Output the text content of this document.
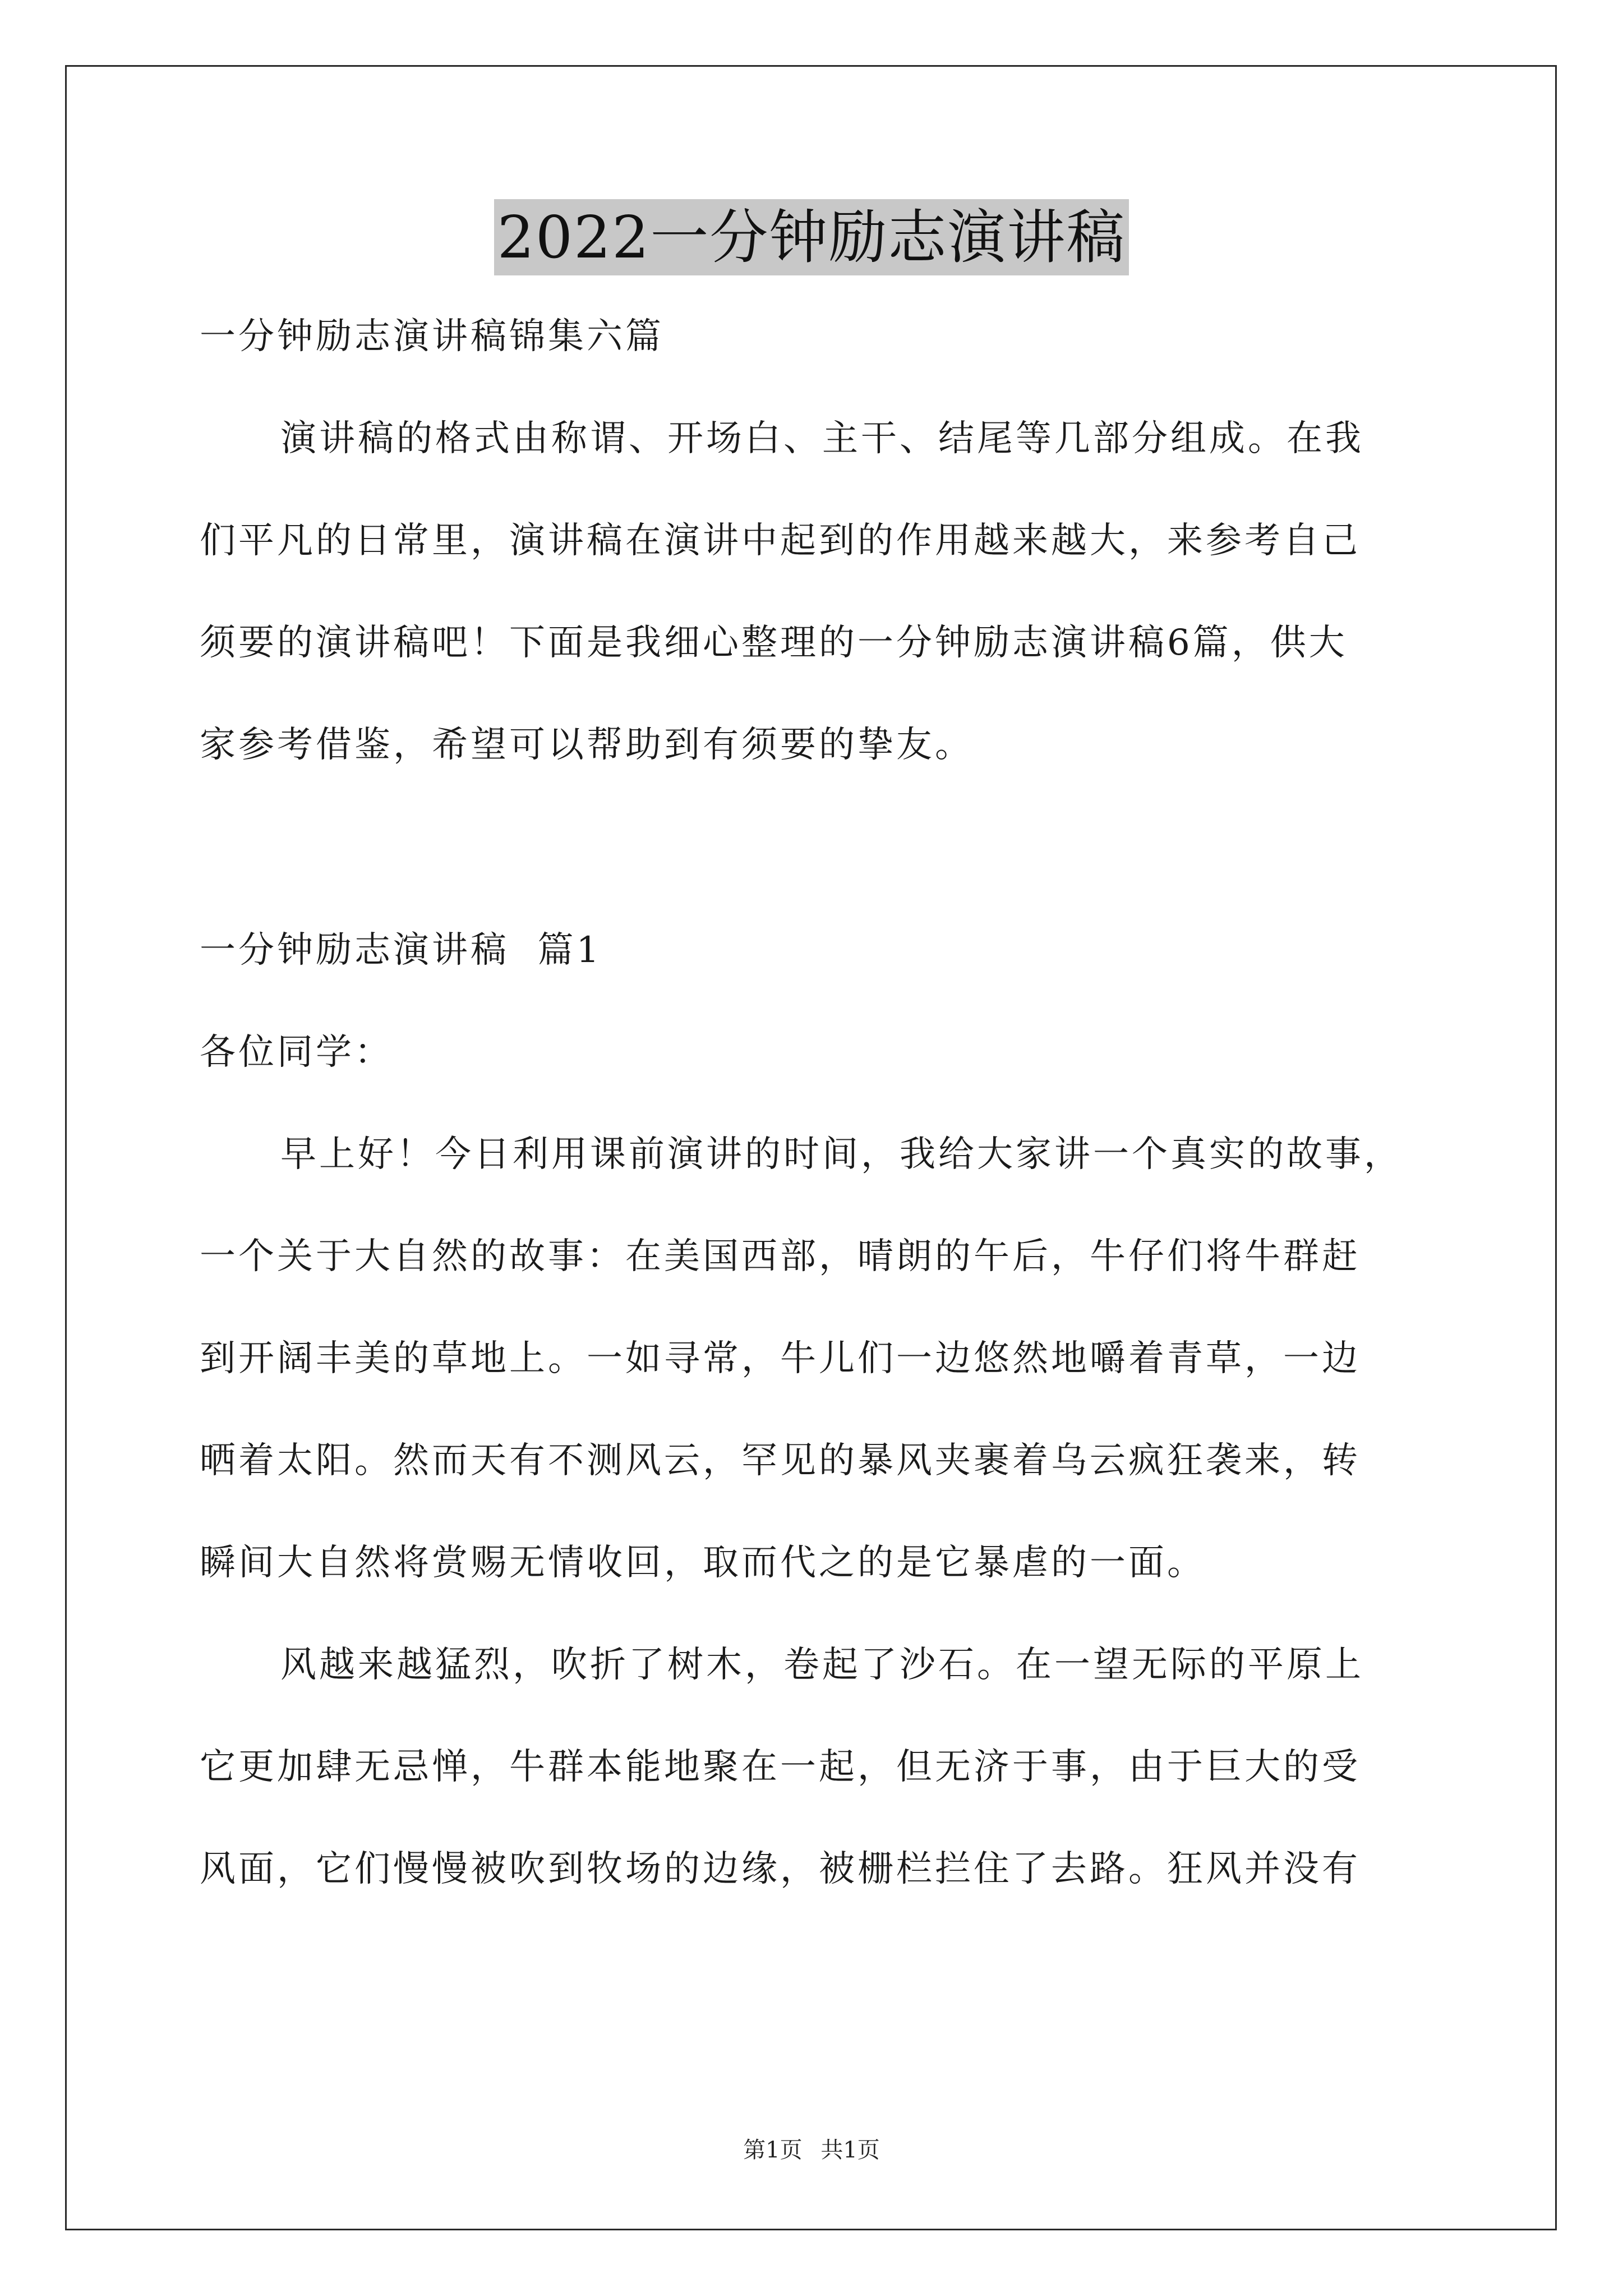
2022一分钟励志演讲稿
一分钟励志演讲稿锦集六篇
演讲稿的格式由称谓、开场白、主干、结尾等几部分组成。在我
们平凡的日常里，演讲稿在演讲中起到的作用越来越大，来参考自己
须要的演讲稿吧！下面是我细心整理的一分钟励志演讲稿6篇，供大
家参考借鉴，希望可以帮助到有须要的挚友。
一分钟励志演讲稿  篇1
各位同学：
早上好！今日利用课前演讲的时间，我给大家讲一个真实的故事，
一个关于大自然的故事：在美国西部，晴朗的午后，牛仔们将牛群赶
到开阔丰美的草地上。一如寻常，牛儿们一边悠然地嚼着青草，一边
晒着太阳。然而天有不测风云，罕见的暴风夹裹着乌云疯狂袭来，转
瞬间大自然将赏赐无情收回，取而代之的是它暴虐的一面。
风越来越猛烈，吹折了树木，卷起了沙石。在一望无际的平原上
它更加肆无忌惮，牛群本能地聚在一起，但无济于事，由于巨大的受
风面，它们慢慢被吹到牧场的边缘，被栅栏拦住了去路。狂风并没有
第1页 共1页
